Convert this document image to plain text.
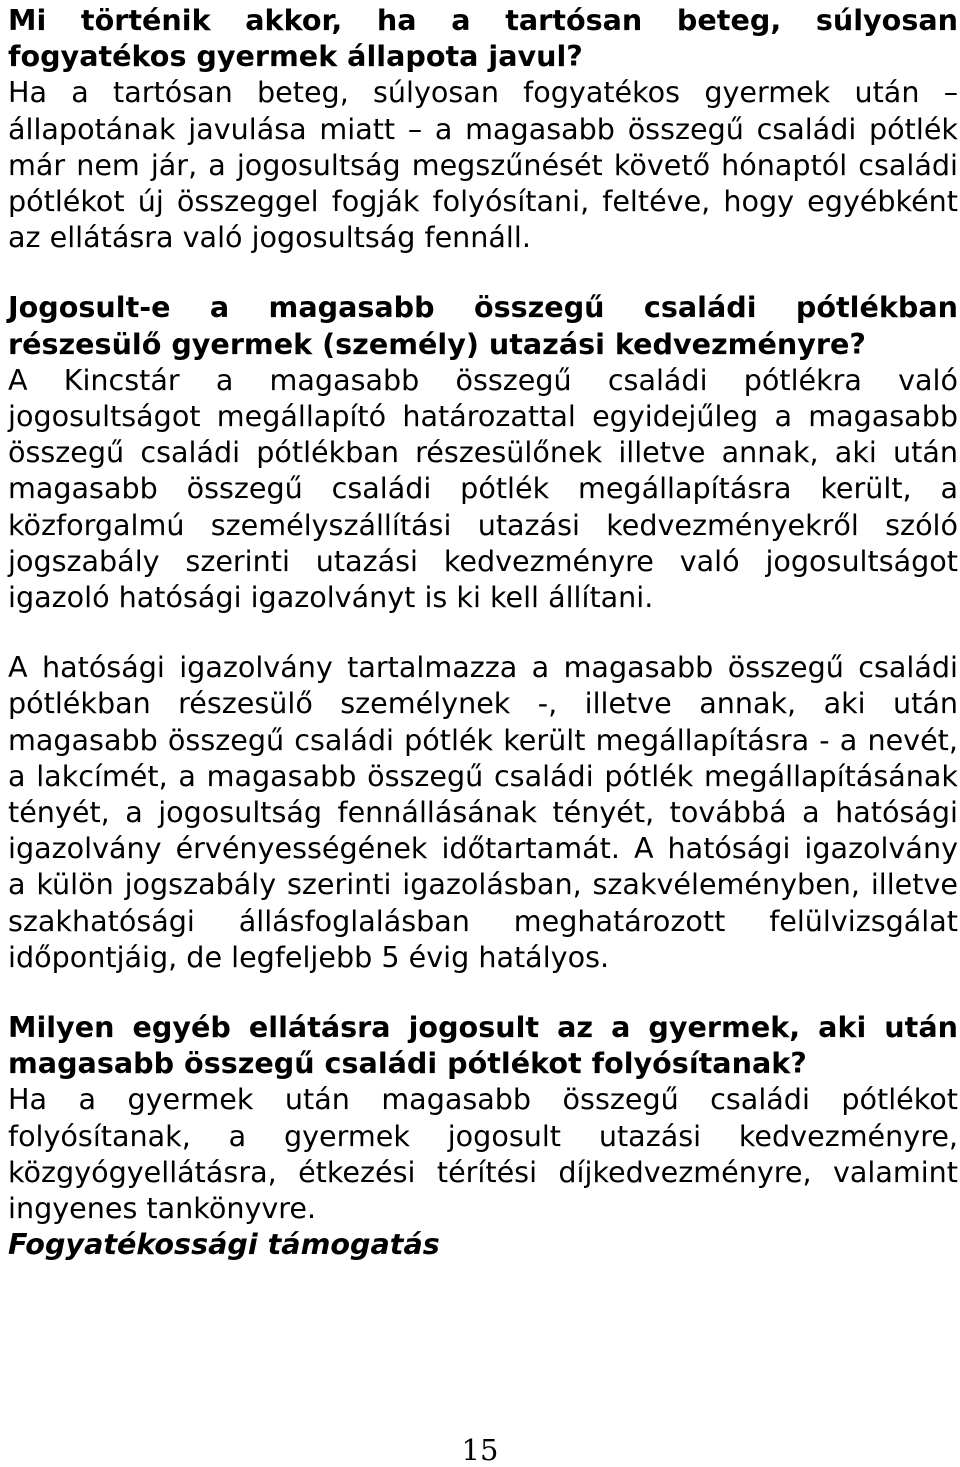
Mi történik akkor, ha a tartósan beteg, súlyosan fogyatékos gyermek állapota javul?

Ha a tartósan beteg, súlyosan fogyatékos gyermek után – állapotának javulása miatt – a magasabb összegű családi pótlék már nem jár, a jogosultság megszűnését követő hónaptól családi pótlékot új összeggel fogják folyósítani, feltéve, hogy egyébként az ellátásra való jogosultság fennáll.

Jogosult-e a magasabb összegű családi pótlékban részesülő gyermek (személy) utazási kedvezményre?

A Kincstár a magasabb összegű családi pótlékra való jogosultságot megállapító határozattal egyidejűleg a magasabb összegű családi pótlékban részesülőnek illetve annak, aki után magasabb összegű családi pótlék megállapításra került, a közforgalmú személyszállítási utazási kedvezményekről szóló jogszabály szerinti utazási kedvezményre való jogosultságot igazoló hatósági igazolványt is ki kell állítani.

A hatósági igazolvány tartalmazza a magasabb összegű családi pótlékban részesülő személynek -, illetve annak, aki után magasabb összegű családi pótlék került megállapításra - a nevét, a lakcímét, a magasabb összegű családi pótlék megállapításának tényét, a jogosultság fennállásának tényét, továbbá a hatósági igazolvány érvényességének időtartamát. A hatósági igazolvány a külön jogszabály szerinti igazolásban, szakvéleményben, illetve szakhatósági állásfoglalásban meghatározott felülvizsgálat időpontjáig, de legfeljebb 5 évig hatályos.

Milyen egyéb ellátásra jogosult az a gyermek, aki után magasabb összegű családi pótlékot folyósítanak?

Ha a gyermek után magasabb összegű családi pótlékot folyósítanak, a gyermek jogosult utazási kedvezményre, közgyógyellátásra, étkezési térítési díjkedvezményre, valamint ingyenes tankönyvre.

Fogyatékossági támogatás

15
